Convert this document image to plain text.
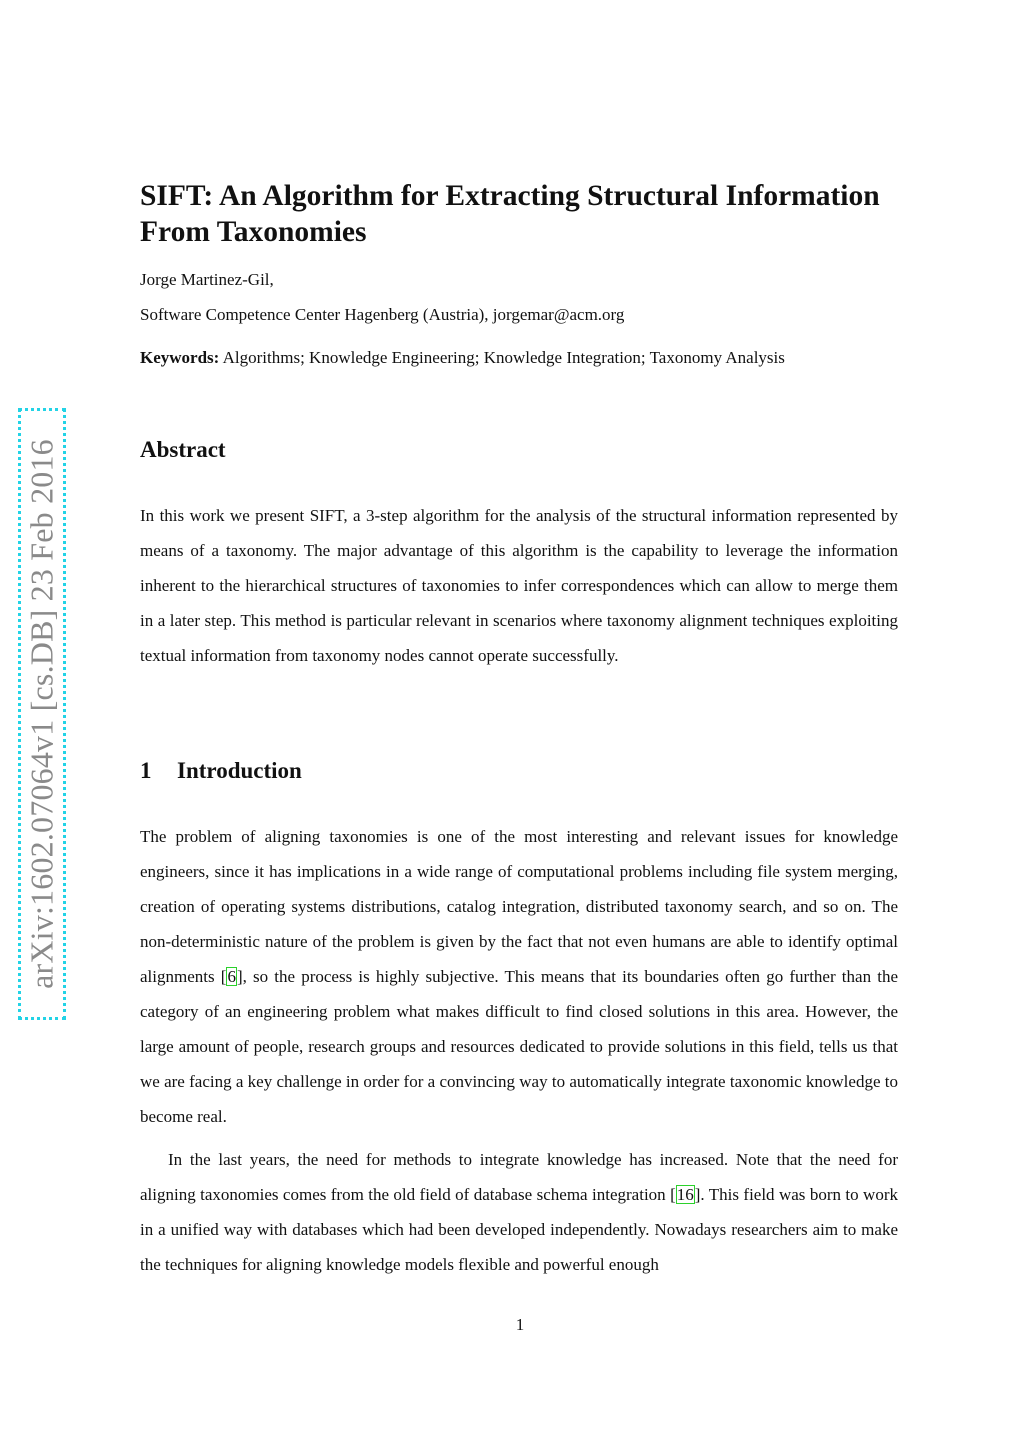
arXiv:1602.07064v1 [cs.DB] 23 Feb 2016
SIFT: An Algorithm for Extracting Structural Information
From Taxonomies
Jorge Martinez-Gil,
Software Competence Center Hagenberg (Austria), jorgemar@acm.org
Keywords: Algorithms; Knowledge Engineering; Knowledge Integration; Taxonomy Analysis
Abstract

In this work we present SIFT, a 3-step algorithm for the analysis of the structural information represented by means of a taxonomy. The major advantage of this algorithm is the capability to leverage the information inherent to the hierarchical structures of taxonomies to infer correspondences which can allow to merge them in a later step. This method is particular relevant in scenarios where taxonomy alignment techniques exploiting textual information from taxonomy nodes cannot operate successfully.

1 Introduction

The problem of aligning taxonomies is one of the most interesting and relevant issues for knowledge engineers, since it has implications in a wide range of computational problems including file system merging, creation of operating systems distributions, catalog integration, distributed taxonomy search, and so on. The non-deterministic nature of the problem is given by the fact that not even humans are able to identify optimal alignments [6], so the process is highly subjective. This means that its boundaries often go further than the category of an engineering problem what makes difficult to find closed solutions in this area. However, the large amount of people, research groups and resources dedicated to provide solutions in this field, tells us that we are facing a key challenge in order for a convincing way to automatically integrate taxonomic knowledge to become real.

In the last years, the need for methods to integrate knowledge has increased. Note that the need for aligning taxonomies comes from the old field of database schema integration [16]. This field was born to work in a unified way with databases which had been developed independently. Nowadays researchers aim to make the techniques for aligning knowledge models flexible and powerful enough

1
